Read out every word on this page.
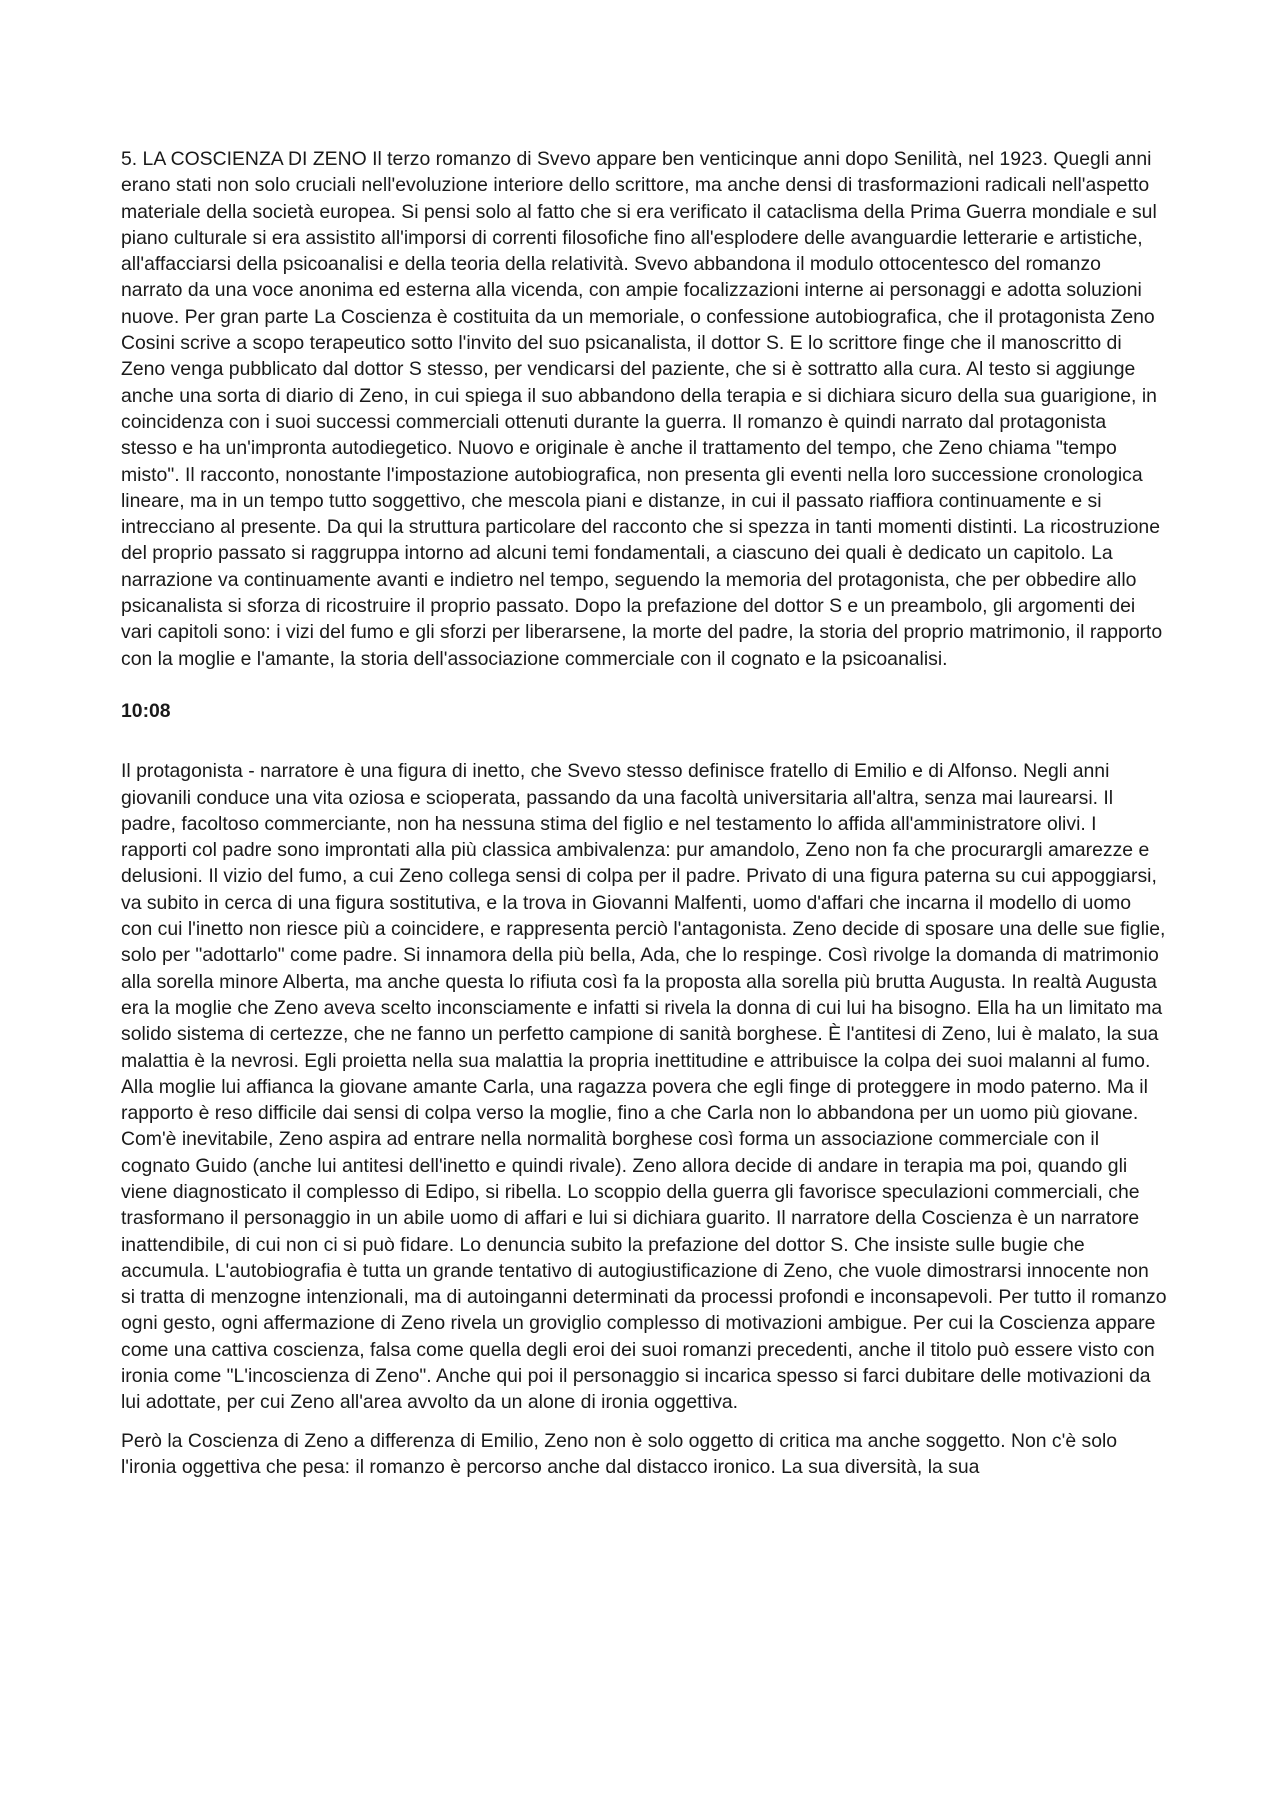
5. LA COSCIENZA DI ZENO Il terzo romanzo di Svevo appare ben venticinque anni dopo Senilità, nel 1923. Quegli anni erano stati non solo cruciali nell'evoluzione interiore dello scrittore, ma anche densi di trasformazioni radicali nell'aspetto materiale della società europea. Si pensi solo al fatto che si era verificato il cataclisma della Prima Guerra mondiale e sul piano culturale si era assistito all'imporsi di correnti filosofiche fino all'esplodere delle avanguardie letterarie e artistiche, all'affacciarsi della psicoanalisi e della teoria della relatività. Svevo abbandona il modulo ottocentesco del romanzo narrato da una voce anonima ed esterna alla vicenda, con ampie focalizzazioni interne ai personaggi e adotta soluzioni nuove. Per gran parte La Coscienza è costituita da un memoriale, o confessione autobiografica, che il protagonista Zeno Cosini scrive a scopo terapeutico sotto l'invito del suo psicanalista, il dottor S. E lo scrittore finge che il manoscritto di Zeno venga pubblicato dal dottor S stesso, per vendicarsi del paziente, che si è sottratto alla cura. Al testo si aggiunge anche una sorta di diario di Zeno, in cui spiega il suo abbandono della terapia e si dichiara sicuro della sua guarigione, in coincidenza con i suoi successi commerciali ottenuti durante la guerra. Il romanzo è quindi narrato dal protagonista stesso e ha un'impronta autodiegetico. Nuovo e originale è anche il trattamento del tempo, che Zeno chiama "tempo misto". Il racconto, nonostante l'impostazione autobiografica, non presenta gli eventi nella loro successione cronologica lineare, ma in un tempo tutto soggettivo, che mescola piani e distanze, in cui il passato riaffiora continuamente e si intrecciano al presente. Da qui la struttura particolare del racconto che si spezza in tanti momenti distinti. La ricostruzione del proprio passato si raggruppa intorno ad alcuni temi fondamentali, a ciascuno dei quali è dedicato un capitolo. La narrazione va continuamente avanti e indietro nel tempo, seguendo la memoria del protagonista, che per obbedire allo psicanalista si sforza di ricostruire il proprio passato. Dopo la prefazione del dottor S e un preambolo, gli argomenti dei vari capitoli sono: i vizi del fumo e gli sforzi per liberarsene, la morte del padre, la storia del proprio matrimonio, il rapporto con la moglie e l'amante, la storia dell'associazione commerciale con il cognato e la psicoanalisi.

10:08

Il protagonista - narratore è una figura di inetto, che Svevo stesso definisce fratello di Emilio e di Alfonso. Negli anni giovanili conduce una vita oziosa e scioperata, passando da una facoltà universitaria all'altra, senza mai laurearsi. Il padre, facoltoso commerciante, non ha nessuna stima del figlio e nel testamento lo affida all'amministratore olivi. I rapporti col padre sono improntati alla più classica ambivalenza: pur amandolo, Zeno non fa che procurargli amarezze e delusioni. Il vizio del fumo, a cui Zeno collega sensi di colpa per il padre. Privato di una figura paterna su cui appoggiarsi, va subito in cerca di una figura sostitutiva, e la trova in Giovanni Malfenti, uomo d'affari che incarna il modello di uomo con cui l'inetto non riesce più a coincidere, e rappresenta perciò l'antagonista. Zeno decide di sposare una delle sue figlie, solo per "adottarlo" come padre. Si innamora della più bella, Ada, che lo respinge. Così rivolge la domanda di matrimonio alla sorella minore Alberta, ma anche questa lo rifiuta così fa la proposta alla sorella più brutta Augusta. In realtà Augusta era la moglie che Zeno aveva scelto inconsciamente e infatti si rivela la donna di cui lui ha bisogno. Ella ha un limitato ma solido sistema di certezze, che ne fanno un perfetto campione di sanità borghese. È l'antitesi di Zeno, lui è malato, la sua malattia è la nevrosi. Egli proietta nella sua malattia la propria inettitudine e attribuisce la colpa dei suoi malanni al fumo. Alla moglie lui affianca la giovane amante Carla, una ragazza povera che egli finge di proteggere in modo paterno. Ma il rapporto è reso difficile dai sensi di colpa verso la moglie, fino a che Carla non lo abbandona per un uomo più giovane. Com'è inevitabile, Zeno aspira ad entrare nella normalità borghese così forma un associazione commerciale con il cognato Guido (anche lui antitesi dell'inetto e quindi rivale). Zeno allora decide di andare in terapia ma poi, quando gli viene diagnosticato il complesso di Edipo, si ribella. Lo scoppio della guerra gli favorisce speculazioni commerciali, che trasformano il personaggio in un abile uomo di affari e lui si dichiara guarito. Il narratore della Coscienza è un narratore inattendibile, di cui non ci si può fidare. Lo denuncia subito la prefazione del dottor S. Che insiste sulle bugie che accumula. L'autobiografia è tutta un grande tentativo di autogiustificazione di Zeno, che vuole dimostrarsi innocente non si tratta di menzogne intenzionali, ma di autoinganni determinati da processi profondi e inconsapevoli. Per tutto il romanzo ogni gesto, ogni affermazione di Zeno rivela un groviglio complesso di motivazioni ambigue. Per cui la Coscienza appare come una cattiva coscienza, falsa come quella degli eroi dei suoi romanzi precedenti, anche il titolo può essere visto con ironia come "L'incoscienza di Zeno". Anche qui poi il personaggio si incarica spesso si farci dubitare delle motivazioni da lui adottate, per cui Zeno all'area avvolto da un alone di ironia oggettiva.

Però la Coscienza di Zeno a differenza di Emilio, Zeno non è solo oggetto di critica ma anche soggetto. Non c'è solo l'ironia oggettiva che pesa: il romanzo è percorso anche dal distacco ironico. La sua diversità, la sua
